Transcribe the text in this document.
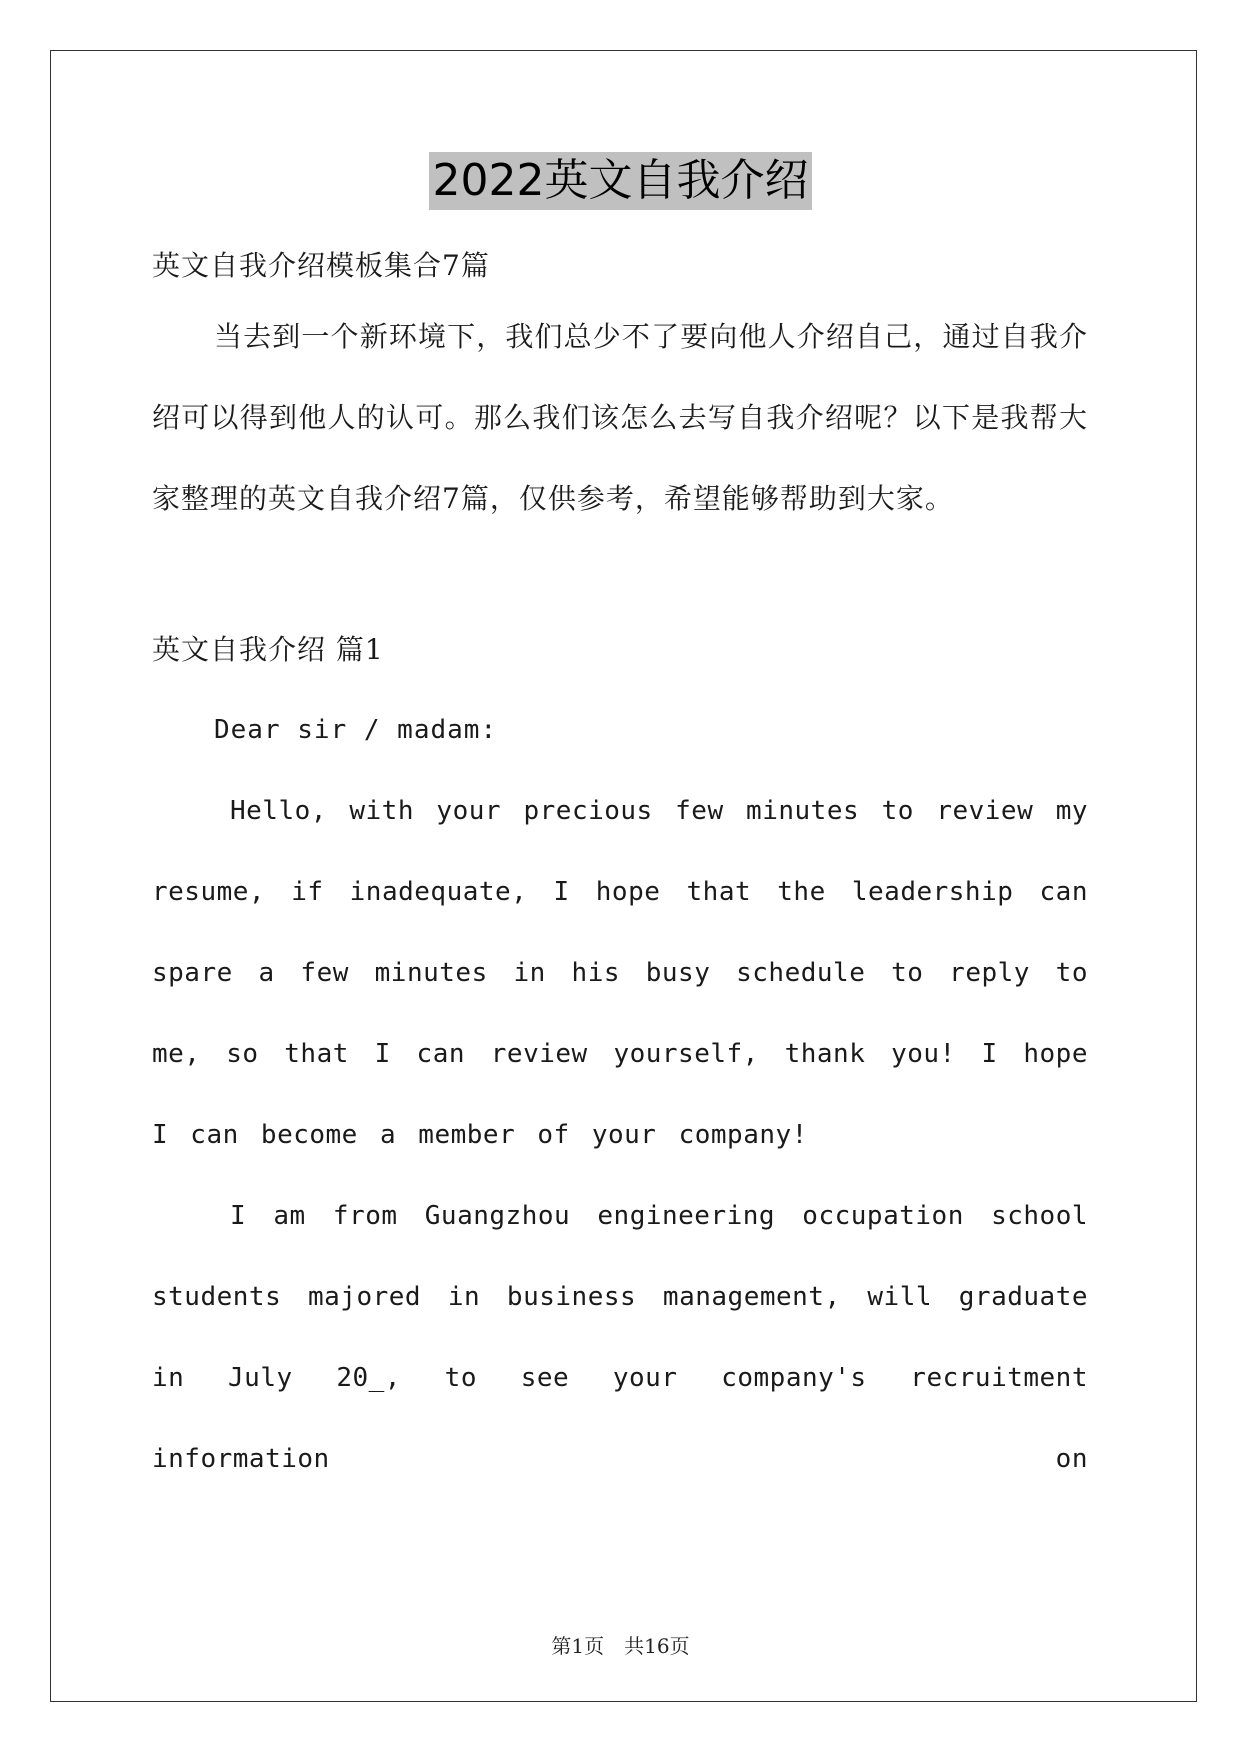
2022英文自我介绍

英文自我介绍模板集合7篇

当去到一个新环境下，我们总少不了要向他人介绍自己，通过自我介绍可以得到他人的认可。那么我们该怎么去写自我介绍呢？以下是我帮大家整理的英文自我介绍7篇，仅供参考，希望能够帮助到大家。

英文自我介绍 篇1

Dear sir / madam:

Hello, with your precious few minutes to review my resume, if inadequate, I hope that the leadership can spare a few minutes in his busy schedule to reply to me, so that I can review yourself, thank you! I hope I can become a member of your company!

I am from Guangzhou engineering occupation school students majored in business management, will graduate in July 20_, to see your company's recruitment information on

第1页 共16页
